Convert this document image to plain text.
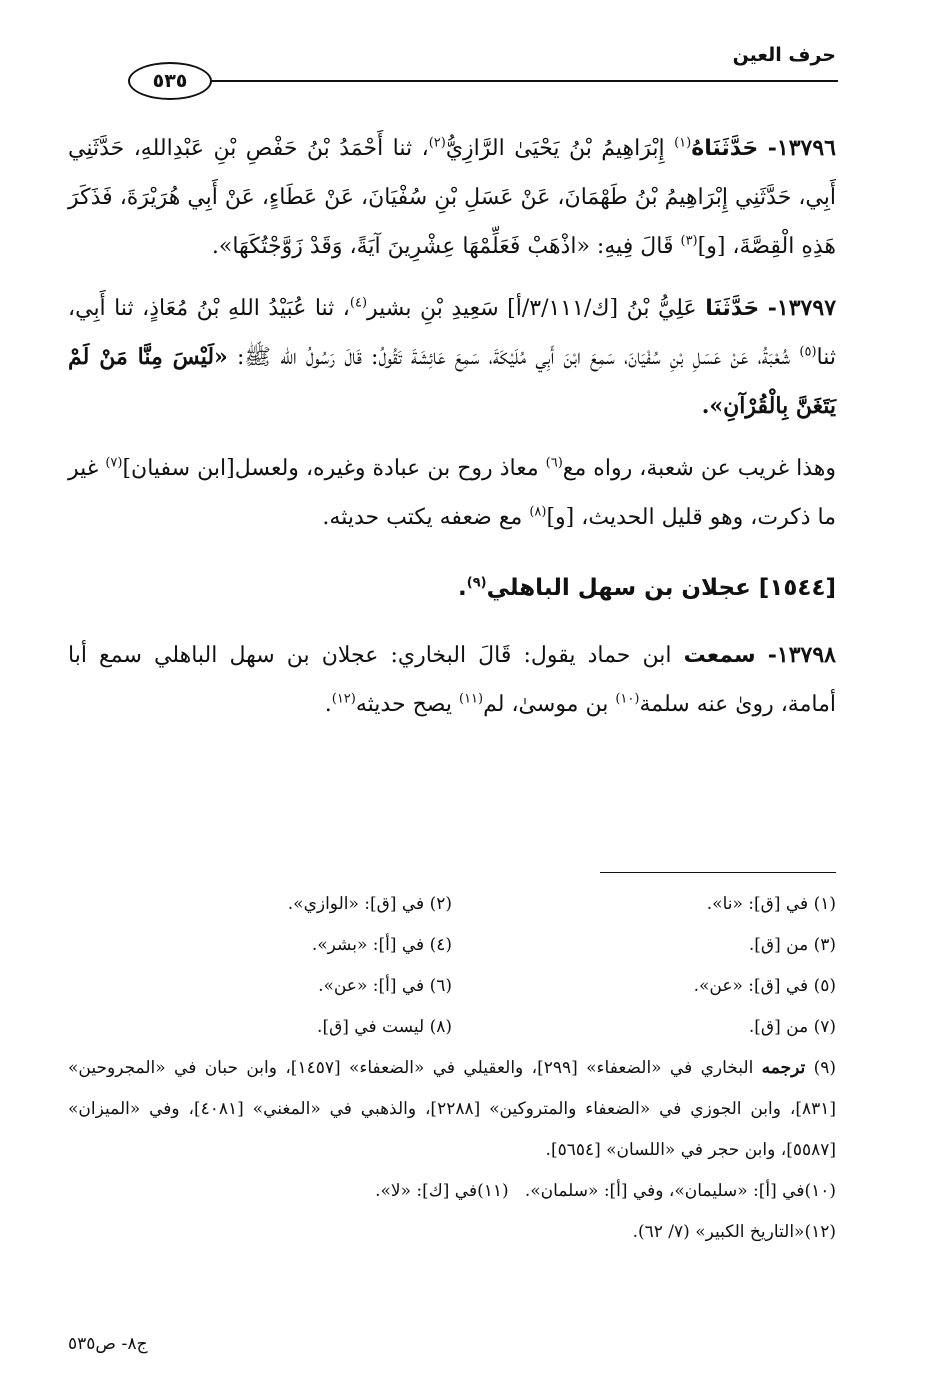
حرف العين
٥٣٥

١٣٧٩٦- حَدَّثَنَاهُ$^{(١)}$ إِبْرَاهِيمُ بْنُ يَحْيَىٰ الرَّازِيُّ$^{(٢)}$، ثنا أَحْمَدُ بْنُ حَفْصِ بْنِ عَبْدِاللهِ، حَدَّثَنِي أَبِي، حَدَّثَنِي إِبْرَاهِيمُ بْنُ طَهْمَانَ، عَنْ عَسَلِ بْنِ سُفْيَانَ، عَنْ عَطَاءٍ، عَنْ أَبِي هُرَيْرَةَ، فَذَكَرَ هَذِهِ الْقِصَّةَ، [و]$^{(٣)}$ قَالَ فِيهِ: «اذْهَبْ فَعَلِّمْهَا عِشْرِينَ آيَةً، وَقَدْ زَوَّجْتُكَهَا».

١٣٧٩٧- حَدَّثَنَا عَلِيُّ بْنُ [ك/٣/١١١/أ] سَعِيدِ بْنِ بشير$^{(٤)}$، ثنا عُبَيْدُ اللهِ بْنُ مُعَاذٍ، ثنا أَبِي، ثنا$^{(٥)}$ شُعْبَةُ، عَنْ عَسَلِ بْنِ سُفْيَانَ، سَمِعَ ابْنَ أَبِي مُلَيْكَةَ، سَمِعَ عَائِشَةَ تَقُولُ: قَالَ رَسُولُ الله ﷺ: «لَيْسَ مِنَّا مَنْ لَمْ يَتَغَنَّ بِالْقُرْآنِ».

وهذا غريب عن شعبة، رواه مع$^{(٦)}$ معاذ روح بن عبادة وغيره، ولعسل[ابن سفيان]$^{(٧)}$ غير ما ذكرت، وهو قليل الحديث، [و]$^{(٨)}$ مع ضعفه يكتب حديثه.

[١٥٤٤] عجلان بن سهل الباهلي$^{(٩)}$.

١٣٧٩٨- سمعت ابن حماد يقول: قَالَ البخاري: عجلان بن سهل الباهلي سمع أبا أمامة، روىٰ عنه سلمة$^{(١٠)}$ بن موسىٰ، لم$^{(١١)}$ يصح حديثه$^{(١٢)}$.

(١) في [ق]: «نا».
(٢) في [ق]: «الوازي».
(٣) من [ق].
(٤) في [أ]: «بشر».
(٥) في [ق]: «عن».
(٦) في [أ]: «عن».
(٧) من [ق].
(٨) ليست في [ق].
(٩) ترجمه البخاري في «الضعفاء» [٢٩٩]، والعقيلي في «الضعفاء» [١٤٥٧]، وابن حبان في «المجروحين» [٨٣١]، وابن الجوزي في «الضعفاء والمتروكين» [٢٢٨٨]، والذهبي في «المغني» [٤٠٨١]، وفي «الميزان» [٥٥٨٧]، وابن حجر في «اللسان» [٥٦٥٤].
(١٠)في [أ]: «سليمان»، وفي [أ]: «سلمان».   (١١)في [ك]: «لا».
(١٢)«التاريخ الكبير» (٧/ ٦٢).
ج٨- ص٥٣٥
